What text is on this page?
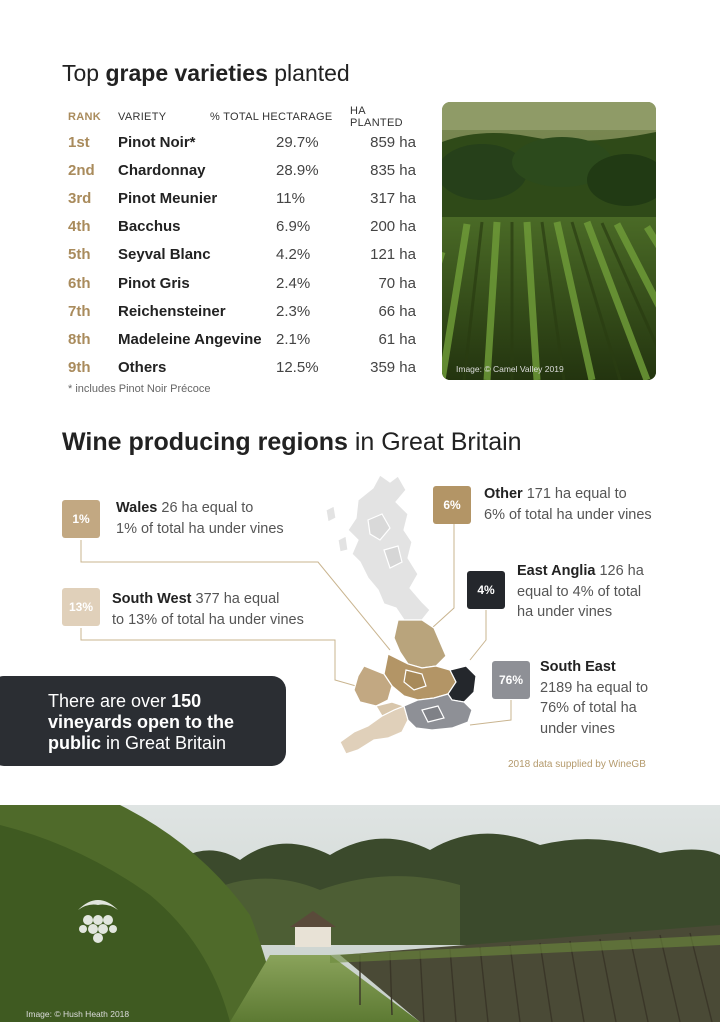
Top grape varieties planted
RANK	VARIETY	% TOTAL HECTARAGE	HA PLANTED
1st	Pinot Noir*	29.7%	859 ha
2nd	Chardonnay	28.9%	835 ha
3rd	Pinot Meunier	11%	317 ha
4th	Bacchus	6.9%	200 ha
5th	Seyval Blanc	4.2%	121 ha
6th	Pinot Gris	2.4%	70 ha
7th	Reichensteiner	2.3%	66 ha
8th	Madeleine Angevine 2.1%	61 ha
9th	Others	12.5%	359 ha
* includes Pinot Noir Précoce
Image: © Camel Valley 2019
Wine producing regions in Great Britain
1%
Wales 26 ha equal to
1% of total ha under vines
13%	South West 377 ha equal
to 13% of total ha under vines
6%
Other 171 ha equal to
6% of total ha under vines
4%
East Anglia 126 ha
equal to 4% of total
ha under vines
76%
South East
2189 ha equal to
76% of total ha
under vines
There are over 150
vineyards open to the
public in Great Britain
2018 data supplied by WineGB
Image: © Hush Heath 2018
